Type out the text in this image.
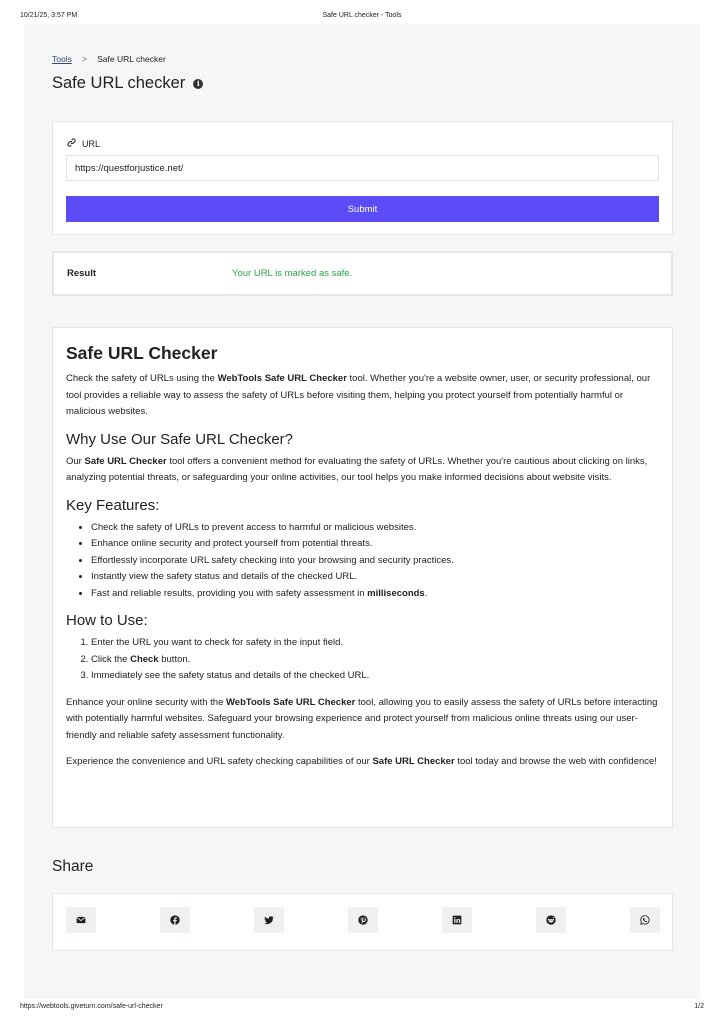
10/21/25, 3:57 PM	Safe URL checker - Tools
Tools > Safe URL checker
Safe URL checker	i
URL
https://questforjustice.net/
Submit
Result	Your URL is marked as safe.
Safe URL Checker

Check the safety of URLs using the WebTools Safe URL Checker tool. Whether you're a website owner, user, or security professional, our tool provides a reliable way to assess the safety of URLs before visiting them, helping you protect yourself from potentially harmful or malicious websites.

Why Use Our Safe URL Checker?

Our Safe URL Checker tool offers a convenient method for evaluating the safety of URLs. Whether you're cautious about clicking on links, analyzing potential threats, or safeguarding your online activities, our tool helps you make informed decisions about website visits.

Key Features:
• Check the safety of URLs to prevent access to harmful or malicious websites.
• Enhance online security and protect yourself from potential threats.
• Effortlessly incorporate URL safety checking into your browsing and security practices.
• Instantly view the safety status and details of the checked URL.
• Fast and reliable results, providing you with safety assessment in milliseconds.
How to Use:
1. Enter the URL you want to check for safety in the input field.
2. Click the Check button.
3. Immediately see the safety status and details of the checked URL.

Enhance your online security with the WebTools Safe URL Checker tool, allowing you to easily assess the safety of URLs before interacting with potentially harmful websites. Safeguard your browsing experience and protect yourself from malicious online threats using our user-friendly and reliable safety assessment functionality.

Experience the convenience and URL safety checking capabilities of our Safe URL Checker tool today and browse the web with confidence!

Share
https://webtools.giveturn.com/safe-url-checker	1/2
